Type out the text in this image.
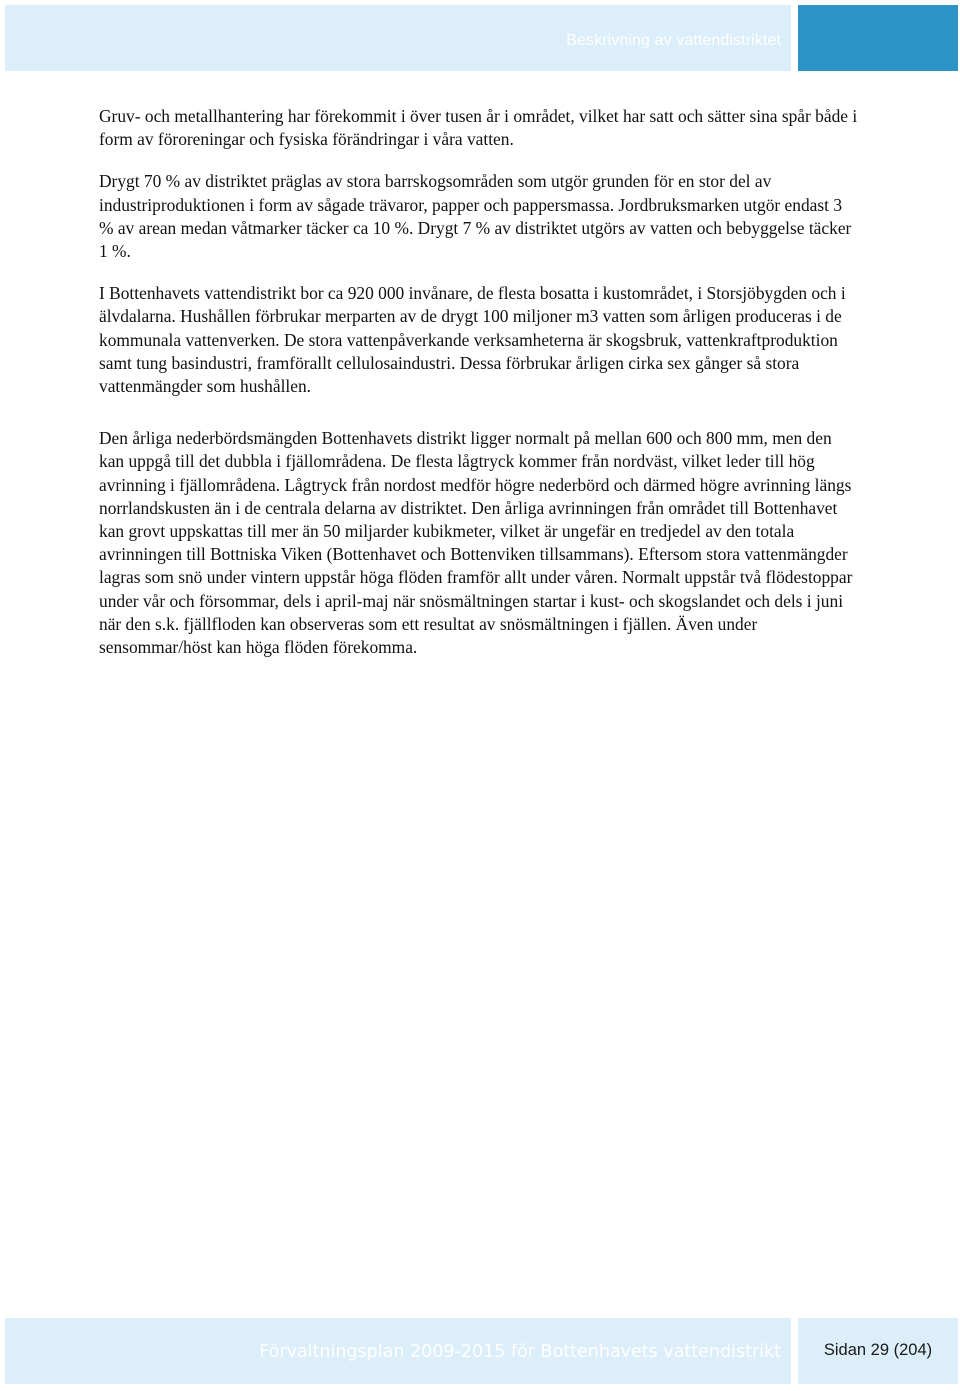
Beskrivning av vattendistriktet

Gruv- och metallhantering har förekommit i över tusen år i området, vilket har satt och sätter sina spår både i form av föroreningar och fysiska förändringar i våra vatten.

Drygt 70 % av distriktet präglas av stora barrskogsområden som utgör grunden för en stor del av industriproduktionen i form av sågade trävaror, papper och pappersmassa. Jordbruksmarken utgör endast 3 % av arean medan våtmarker täcker ca 10 %. Drygt 7 % av distriktet utgörs av vatten och bebyggelse täcker 1 %.

I Bottenhavets vattendistrikt bor ca 920 000 invånare, de flesta bosatta i kustområdet, i Storsjöbygden och i älvdalarna. Hushållen förbrukar merparten av de drygt 100 miljoner m3 vatten som årligen produceras i de kommunala vattenverken. De stora vattenpåverkande verksamheterna är skogsbruk, vattenkraftproduktion samt tung basindustri, framförallt cellulosaindustri. Dessa förbrukar årligen cirka sex gånger så stora vattenmängder som hushållen.

Den årliga nederbördsmängden Bottenhavets distrikt ligger normalt på mellan 600 och 800 mm, men den kan uppgå till det dubbla i fjällområdena. De flesta lågtryck kommer från nordväst, vilket leder till hög avrinning i fjällområdena. Lågtryck från nordost medför högre nederbörd och därmed högre avrinning längs norrlandskusten än i de centrala delarna av distriktet. Den årliga avrinningen från området till Bottenhavet kan grovt uppskattas till mer än 50 miljarder kubikmeter, vilket är ungefär en tredjedel av den totala avrinningen till Bottniska Viken (Bottenhavet och Bottenviken tillsammans). Eftersom stora vattenmängder lagras som snö under vintern uppstår höga flöden framför allt under våren. Normalt uppstår två flödestoppar under vår och försommar, dels i april-maj när snösmältningen startar i kust- och skogslandet och dels i juni när den s.k. fjällfloden kan observeras som ett resultat av snösmältningen i fjällen. Även under sensommar/höst kan höga flöden förekomma.

Förvaltningsplan 2009-2015 för Bottenhavets vattendistrikt	Sidan 29 (204)
